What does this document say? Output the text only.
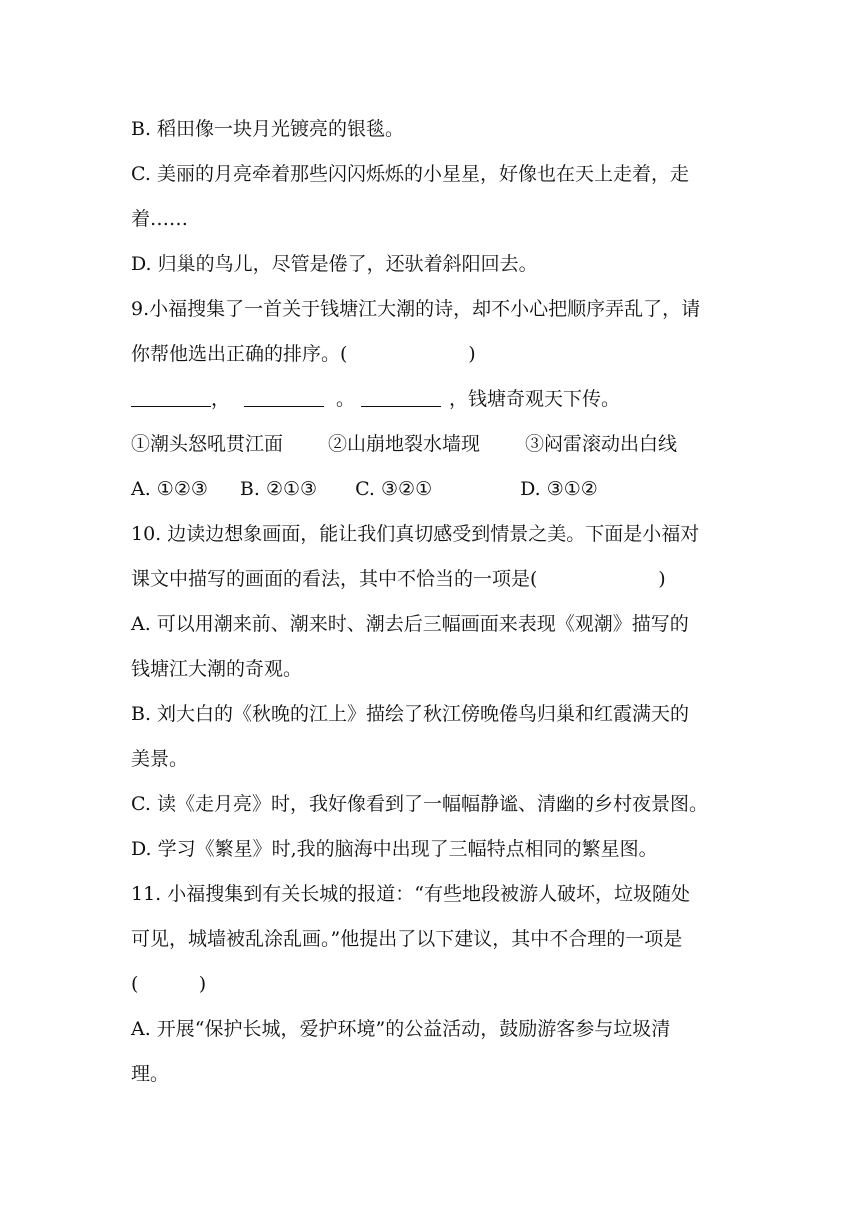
B. 稻田像一块月光镀亮的银毯。
C. 美丽的月亮牵着那些闪闪烁烁的小星星，好像也在天上走着，走
着……
D. 归巢的鸟儿，尽管是倦了，还驮着斜阳回去。
9.小福搜集了一首关于钱塘江大潮的诗，却不小心把顺序弄乱了，请
你帮他选出正确的排序。(                    )
，	。	，钱塘奇观天下传。
①潮头怒吼贯江面 ②山崩地裂水墙现 ③闷雷滚动出白线
A. ①②③ B. ②①③ C. ③②①	D. ③①②
10. 边读边想象画面，能让我们真切感受到情景之美。下面是小福对
课文中描写的画面的看法，其中不恰当的一项是(                    )
A. 可以用潮来前、潮来时、潮去后三幅画面来表现《观潮》描写的
钱塘江大潮的奇观。
B. 刘大白的《秋晚的江上》描绘了秋江傍晚倦鸟归巢和红霞满天的
美景。
C. 读《走月亮》时，我好像看到了一幅幅静谧、清幽的乡村夜景图。
D. 学习《繁星》时,我的脑海中出现了三幅特点相同的繁星图。
11. 小福搜集到有关长城的报道：“有些地段被游人破坏，垃圾随处
可见，城墙被乱涂乱画。”他提出了以下建议，其中不合理的一项是
(          )
A. 开展“保护长城，爱护环境”的公益活动，鼓励游客参与垃圾清
理。
